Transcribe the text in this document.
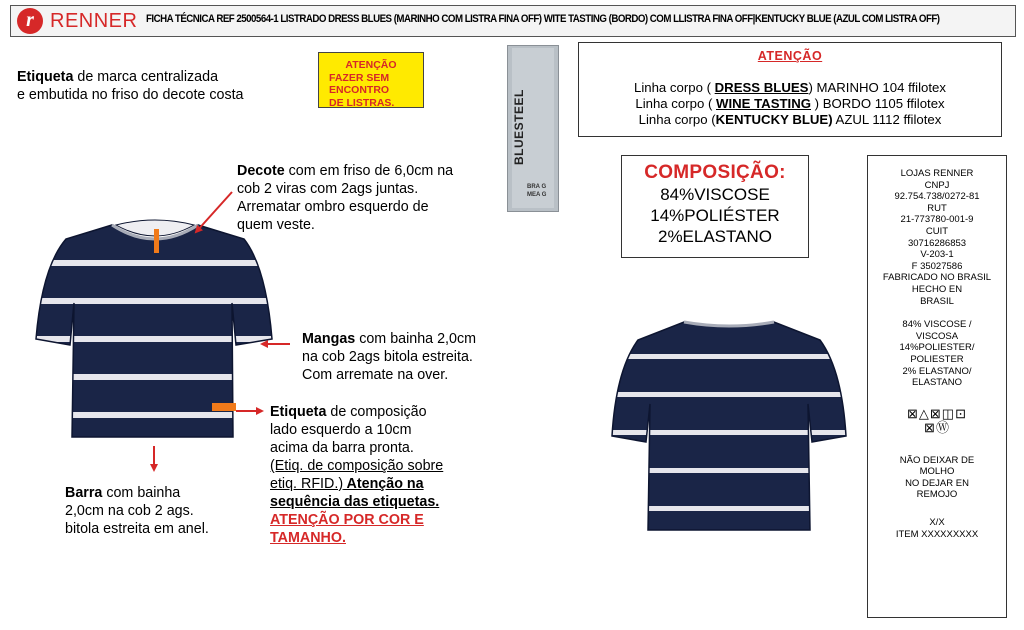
r RENNER FICHA TÉCNICA REF 2500564-1 LISTRADO DRESS BLUES (MARINHO COM LISTRA FINA OFF) WITE TASTING (BORDO) COM LLISTRA FINA OFF|KENTUCKY BLUE (AZUL COM LISTRA OFF)
Etiqueta de marca centralizada
e embutida no friso do decote costa
ATENÇÃO
FAZER SEM ENCONTRO
DE LISTRAS.	BLUESTEEL
BRA G
MEA G
ATENÇÃO
Linha corpo ( DRESS BLUES) MARINHO 104 ffilotex
Linha corpo ( WINE TASTING ) BORDO 1105 ffilotex
Linha corpo (KENTUCKY BLUE) AZUL 1112 ffilotex
COMPOSIÇÃO:
84%VISCOSE
14%POLIÉSTER
2%ELASTANO
LOJAS RENNER
CNPJ
92.754.738/0272-81
RUT
21-773780-001-9
CUIT
30716286853
V-203-1
F 35027586
FABRICADO NO BRASIL
HECHO EN
BRASIL
84% VISCOSE /
VISCOSA
14%POLIESTER/
POLIESTER
2% ELASTANO/
ELASTANO
⊠△⊠◫⊡
⊠Ⓦ
NÃO DEIXAR DE
MOLHO
NO DEJAR EN
REMOJO
X/X
ITEM XXXXXXXXX
Decote com em friso de 6,0cm na
cob 2 viras com 2ags juntas.
Arrematar ombro esquerdo de
quem veste.
Mangas com bainha 2,0cm
na cob 2ags bitola estreita.
Com arremate na over.
Etiqueta de composição
lado esquerdo a 10cm
acima da barra pronta.
(Etiq. de composição sobre
etiq. RFID.) Atenção na
sequência das etiquetas.
ATENÇÃO POR COR E
TAMANHO.
Barra com bainha
2,0cm na cob 2 ags.
bitola estreita em anel.
